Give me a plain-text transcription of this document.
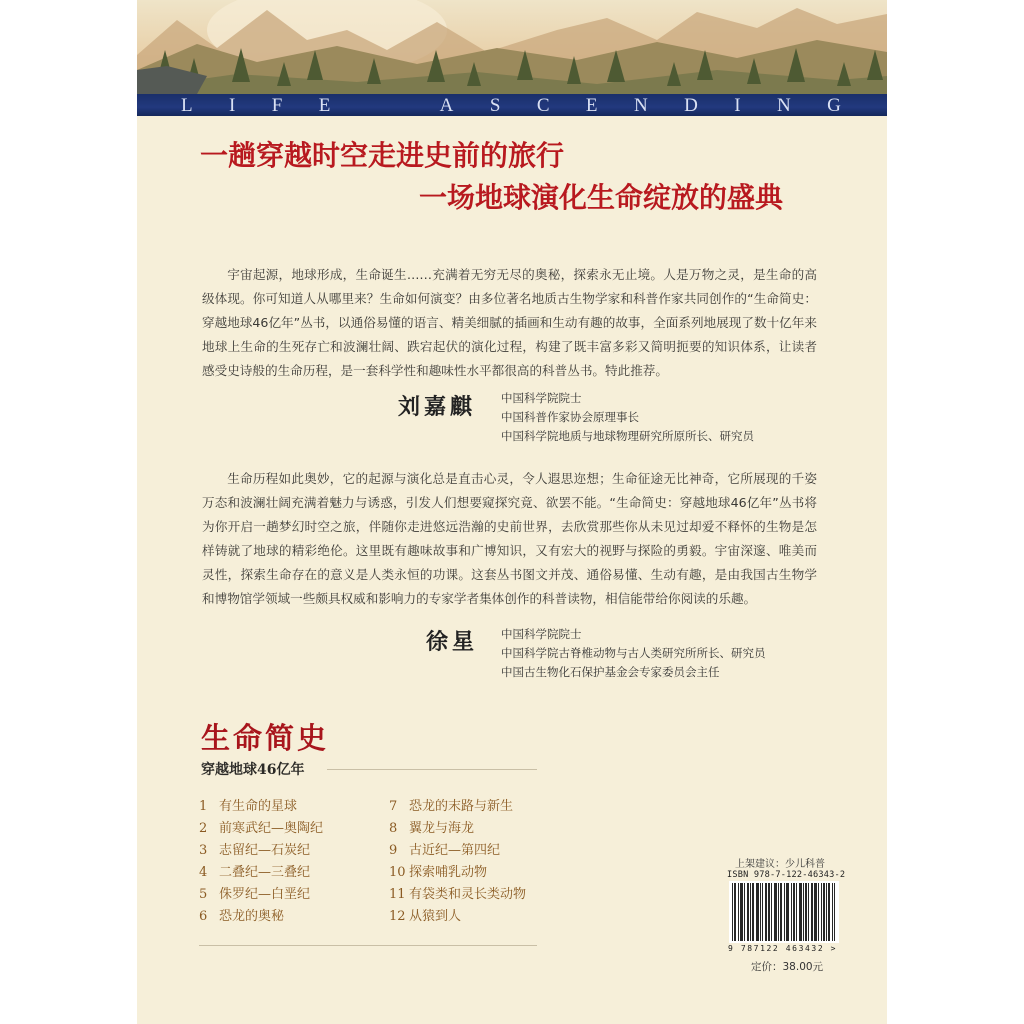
L I F E	A S C E N D I N G
一趟穿越时空走进史前的旅行
一场地球演化生命绽放的盛典

宇宙起源，地球形成，生命诞生……充满着无穷无尽的奥秘，探索永无止境。人是万物之灵，是生命的高级体现。你可知道人从哪里来？生命如何演变？由多位著名地质古生物学家和科普作家共同创作的“生命简史：穿越地球46亿年”丛书，以通俗易懂的语言、精美细腻的插画和生动有趣的故事，全面系列地展现了数十亿年来地球上生命的生死存亡和波澜壮阔、跌宕起伏的演化过程，构建了既丰富多彩又简明扼要的知识体系，让读者感受史诗般的生命历程，是一套科学性和趣味性水平都很高的科普丛书。特此推荐。

刘嘉麒 中国科学院院士
中国科普作家协会原理事长
中国科学院地质与地球物理研究所原所长、研究员

生命历程如此奥妙，它的起源与演化总是直击心灵，令人遐思迩想；生命征途无比神奇，它所展现的千姿万态和波澜壮阔充满着魅力与诱惑，引发人们想要窥探究竟、欲罢不能。“生命简史：穿越地球46亿年”丛书将为你开启一趟梦幻时空之旅，伴随你走进悠远浩瀚的史前世界，去欣赏那些你从未见过却爱不释怀的生物是怎样铸就了地球的精彩绝伦。这里既有趣味故事和广博知识，又有宏大的视野与探险的勇毅。宇宙深邃、唯美而灵性，探索生命存在的意义是人类永恒的功课。这套丛书图文并茂、通俗易懂、生动有趣，是由我国古生物学和博物馆学领域一些颇具权威和影响力的专家学者集体创作的科普读物，相信能带给你阅读的乐趣。

徐星 中国科学院院士
中国科学院古脊椎动物与古人类研究所所长、研究员
中国古生物化石保护基金会专家委员会主任
生命简史
穿越地球46亿年
1 有生命的星球
2 前寒武纪—奥陶纪
3 志留纪—石炭纪
4 二叠纪—三叠纪
5 侏罗纪—白垩纪
6 恐龙的奥秘
7 恐龙的末路与新生
8 翼龙与海龙
9 古近纪—第四纪
10 探索哺乳动物
11 有袋类和灵长类动物
12 从猿到人
上架建议：少儿科普
ISBN 978-7-122-46343-2
9 787122 463432 >
定价：38.00元
